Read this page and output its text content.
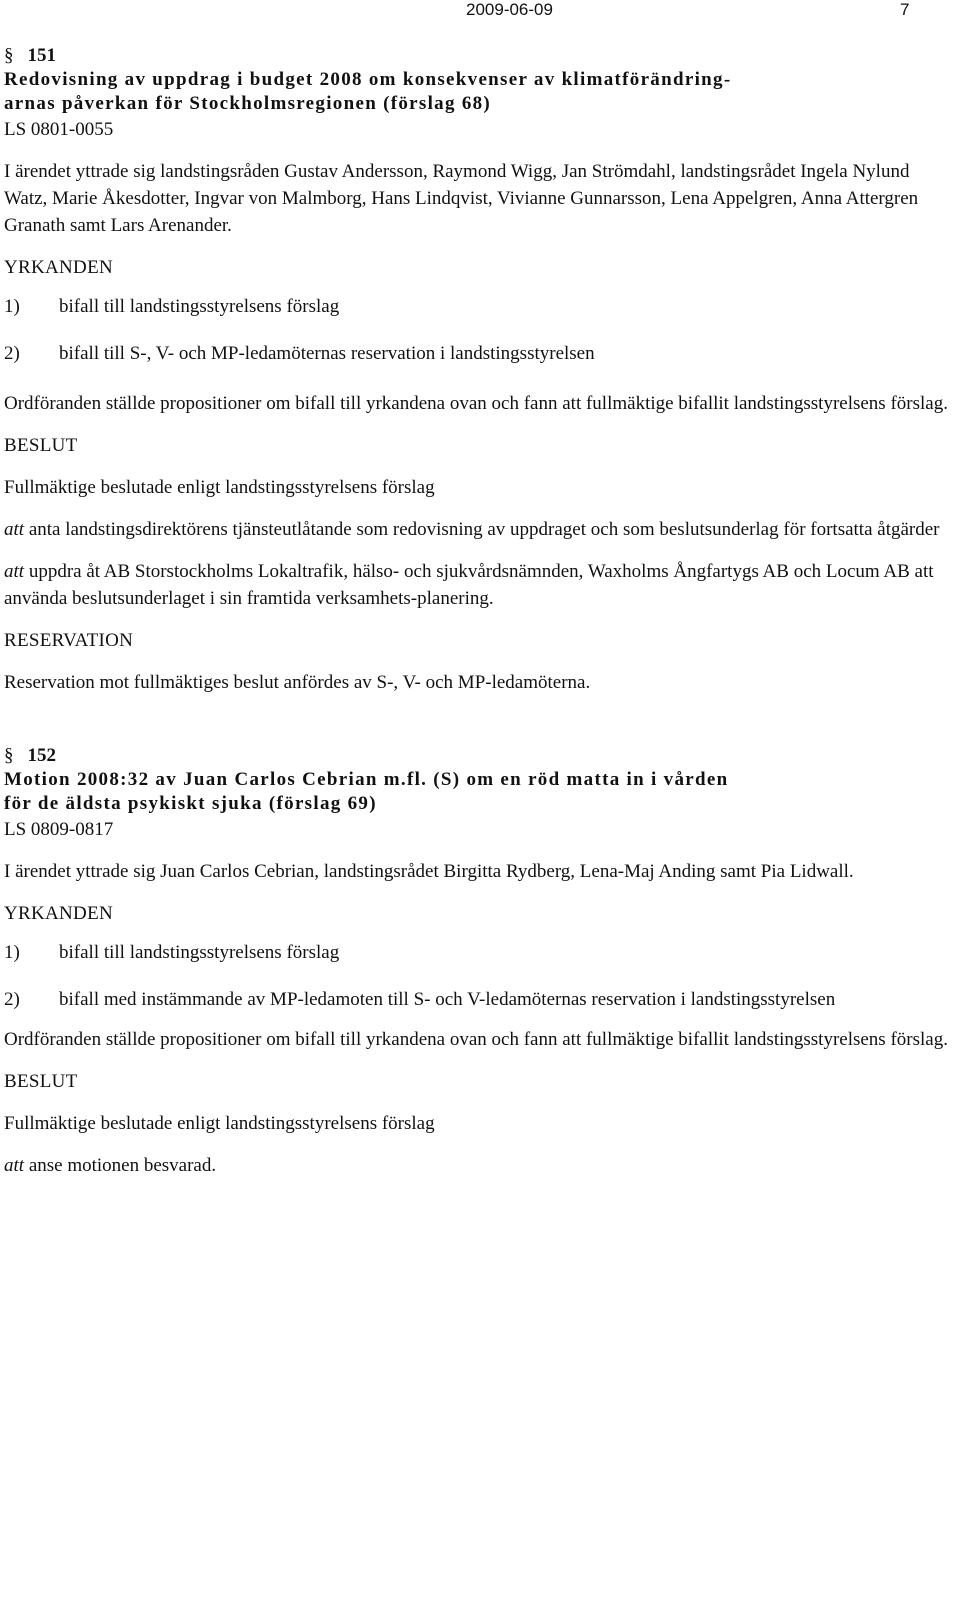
2009-06-09	7

§ 151

Redovisning av uppdrag i budget 2008 om konsekvenser av klimatförändring-

arnas påverkan för Stockholmsregionen (förslag 68)

LS 0801-0055

I ärendet yttrade sig landstingsråden Gustav Andersson, Raymond Wigg, Jan Strömdahl, landstingsrådet Ingela Nylund Watz, Marie Åkesdotter, Ingvar von Malmborg, Hans Lindqvist, Vivianne Gunnarsson, Lena Appelgren, Anna Attergren Granath samt Lars Arenander.

YRKANDEN

1)	bifall till landstingsstyrelsens förslag
2)	bifall till S-, V- och MP-ledamöternas reservation i landstingsstyrelsen

Ordföranden ställde propositioner om bifall till yrkandena ovan och fann att fullmäktige bifallit landstingsstyrelsens förslag.

BESLUT

Fullmäktige beslutade enligt landstingsstyrelsens förslag

att anta landstingsdirektörens tjänsteutlåtande som redovisning av uppdraget och som beslutsunderlag för fortsatta åtgärder

att uppdra åt AB Storstockholms Lokaltrafik, hälso- och sjukvårdsnämnden, Waxholms Ångfartygs AB och Locum AB att använda beslutsunderlaget i sin framtida verksamhets-planering.

RESERVATION

Reservation mot fullmäktiges beslut anfördes av S-, V- och MP-ledamöterna.

§ 152

Motion 2008:32 av Juan Carlos Cebrian m.fl. (S) om en röd matta in i vården

för de äldsta psykiskt sjuka (förslag 69)

LS 0809-0817

I ärendet yttrade sig Juan Carlos Cebrian, landstingsrådet Birgitta Rydberg, Lena-Maj Anding samt Pia Lidwall.

YRKANDEN

1)	bifall till landstingsstyrelsens förslag
2)	bifall med instämmande av MP-ledamoten till S- och V-ledamöternas reservation i landstingsstyrelsen

Ordföranden ställde propositioner om bifall till yrkandena ovan och fann att fullmäktige bifallit landstingsstyrelsens förslag.

BESLUT

Fullmäktige beslutade enligt landstingsstyrelsens förslag

att anse motionen besvarad.
